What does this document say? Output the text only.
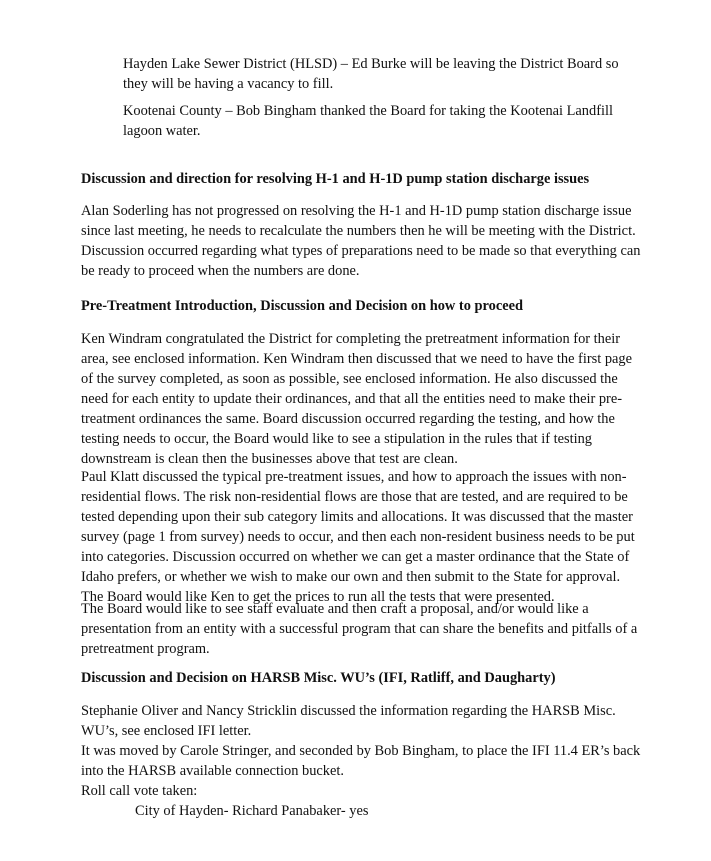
Hayden Lake Sewer District (HLSD) – Ed Burke will be leaving the District Board so
they will be having a vacancy to fill.

Kootenai County – Bob Bingham thanked the Board for taking the Kootenai Landfill
lagoon water.

Discussion and direction for resolving H-1 and H-1D pump station discharge issues

Alan Soderling has not progressed on resolving the H-1 and H-1D pump station discharge issue
since last meeting, he needs to recalculate the numbers then he will be meeting with the District.
Discussion occurred regarding what types of preparations need to be made so that everything can
be ready to proceed when the numbers are done.

Pre-Treatment Introduction, Discussion and Decision on how to proceed

Ken Windram congratulated the District for completing the pretreatment information for their
area, see enclosed information. Ken Windram then discussed that we need to have the first page
of the survey completed, as soon as possible, see enclosed information. He also discussed the
need for each entity to update their ordinances, and that all the entities need to make their pre-
treatment ordinances the same. Board discussion occurred regarding the testing, and how the
testing needs to occur, the Board would like to see a stipulation in the rules that if testing
downstream is clean then the businesses above that test are clean.

Paul Klatt discussed the typical pre-treatment issues, and how to approach the issues with non-
residential flows. The risk non-residential flows are those that are tested, and are required to be
tested depending upon their sub category limits and allocations. It was discussed that the master
survey (page 1 from survey) needs to occur, and then each non-resident business needs to be put
into categories. Discussion occurred on whether we can get a master ordinance that the State of
Idaho prefers, or whether we wish to make our own and then submit to the State for approval.
The Board would like Ken to get the prices to run all the tests that were presented.

The Board would like to see staff evaluate and then craft a proposal, and/or would like a
presentation from an entity with a successful program that can share the benefits and pitfalls of a
pretreatment program.

Discussion and Decision on HARSB Misc. WU’s (IFI, Ratliff, and Daugharty)

Stephanie Oliver and Nancy Stricklin discussed the information regarding the HARSB Misc.
WU’s, see enclosed IFI letter.
It was moved by Carole Stringer, and seconded by Bob Bingham, to place the IFI 11.4 ER’s back
into the HARSB available connection bucket.
Roll call vote taken:
City of Hayden- Richard Panabaker- yes
